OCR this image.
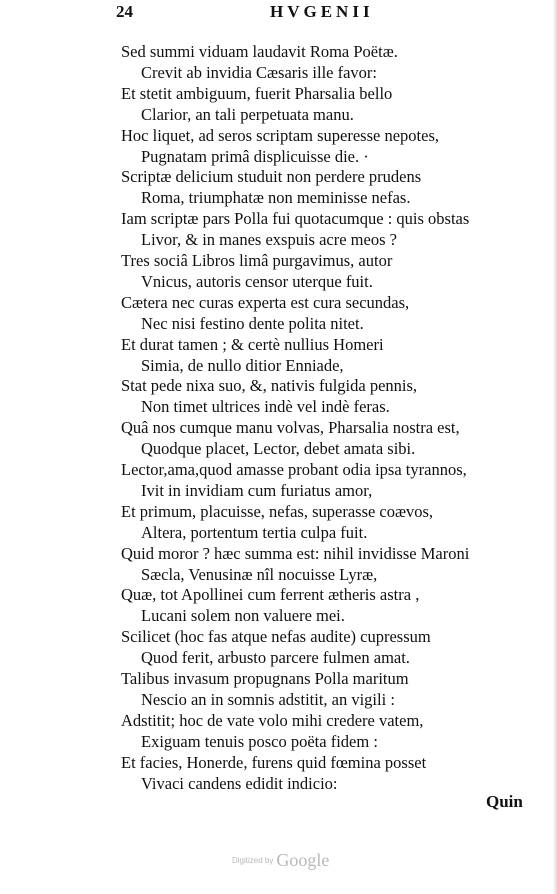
24	HVGENII
Sed summi viduam laudavit Roma Poëtæ.
Crevit ab invidia Cæsaris ille favor:
Et stetit ambiguum, fuerit Pharsalia bello
Clarior, an tali perpetuata manu.
Hoc liquet, ad seros scriptam superesse nepotes,
Pugnatam primâ displicuisse die. ·
Scriptæ delicium studuit non perdere prudens
Roma, triumphatæ non meminisse nefas.
Iam scriptæ pars Polla fui quotacumque : quis obstas
Livor, & in manes exspuis acre meos ?
Tres sociâ Libros limâ purgavimus, autor
Vnicus, autoris censor uterque fuit.
Cætera nec curas experta est cura secundas,
Nec nisi festino dente polita nitet.
Et durat tamen ; & certè nullius Homeri
Simia, de nullo ditior Enniade,
Stat pede nixa suo, &, nativis fulgida pennis,
Non timet ultrices indè vel indè feras.
Quâ nos cumque manu volvas, Pharsalia nostra est,
Quodque placet, Lector, debet amata sibi.
Lector,ama,quod amasse probant odia ipsa tyrannos,
Ivit in invidiam cum furiatus amor,
Et primum, placuisse, nefas, superasse coævos,
Altera, portentum tertia culpa fuit.
Quid moror ? hæc summa est: nihil invidisse Maroni
Sæcla, Venusinæ nîl nocuisse Lyræ,
Quæ, tot Apollinei cum ferrent ætheris astra ,
Lucani solem non valuere mei.
Scilicet (hoc fas atque nefas audite) cupressum
Quod ferit, arbusto parcere fulmen amat.
Talibus invasum propugnans Polla maritum
Nescio an in somnis adstitit, an vigili :
Adstitit; hoc de vate volo mihi credere vatem,
Exiguam tenuis posco poëta fidem :
Et facies, Honerde, furens quid fœmina posset
Vivaci candens edidit indicio:
Quin
Digitized by Google
